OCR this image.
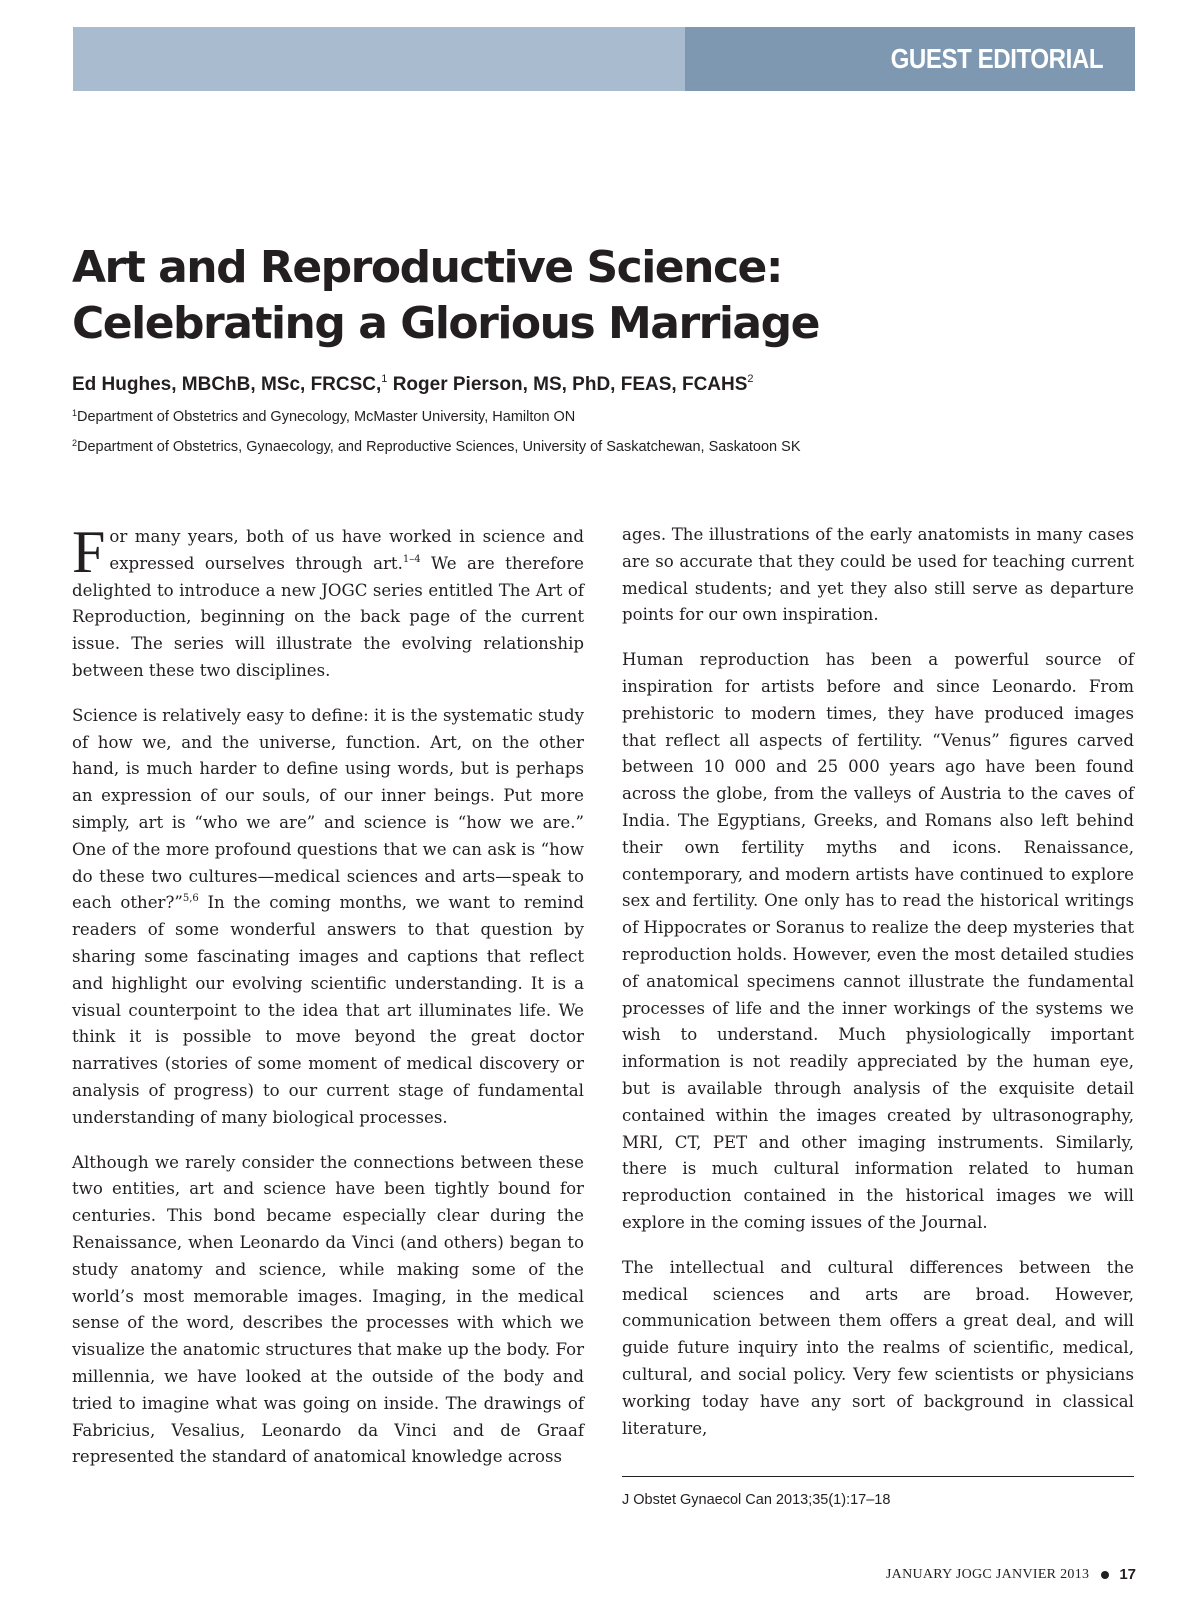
GUEST EDITORIAL
Art and Reproductive Science:
Celebrating a Glorious Marriage
Ed Hughes, MBChB, MSc, FRCSC,$^1$ Roger Pierson, MS, PhD, FEAS, FCAHS$^2$
$^1$Department of Obstetrics and Gynecology, McMaster University, Hamilton ON
$^2$Department of Obstetrics, Gynaecology, and Reproductive Sciences, University of Saskatchewan, Saskatoon SK

For many years, both of us have worked in science and expressed ourselves through art.$^{1-4}$ We are therefore delighted to introduce a new JOGC series entitled The Art of Reproduction, beginning on the back page of the current issue. The series will illustrate the evolving relationship between these two disciplines.

Science is relatively easy to define: it is the systematic study of how we, and the universe, function. Art, on the other hand, is much harder to define using words, but is perhaps an expression of our souls, of our inner beings. Put more simply, art is “who we are” and science is “how we are.” One of the more profound questions that we can ask is “how do these two cultures—medical sciences and arts—speak to each other?”$^{5,6}$ In the coming months, we want to remind readers of some wonderful answers to that question by sharing some fascinating images and captions that reflect and highlight our evolving scientific understanding. It is a visual counterpoint to the idea that art illuminates life. We think it is possible to move beyond the great doctor narratives (stories of some moment of medical discovery or analysis of progress) to our current stage of fundamental understanding of many biological processes.

Although we rarely consider the connections between these two entities, art and science have been tightly bound for centuries. This bond became especially clear during the Renaissance, when Leonardo da Vinci (and others) began to study anatomy and science, while making some of the world’s most memorable images. Imaging, in the medical sense of the word, describes the processes with which we visualize the anatomic structures that make up the body. For millennia, we have looked at the outside of the body and tried to imagine what was going on inside. The drawings of Fabricius, Vesalius, Leonardo da Vinci and de Graaf represented the standard of anatomical knowledge across

ages. The illustrations of the early anatomists in many cases are so accurate that they could be used for teaching current medical students; and yet they also still serve as departure points for our own inspiration.

Human reproduction has been a powerful source of inspiration for artists before and since Leonardo. From prehistoric to modern times, they have produced images that reflect all aspects of fertility. “Venus” figures carved between 10 000 and 25 000 years ago have been found across the globe, from the valleys of Austria to the caves of India. The Egyptians, Greeks, and Romans also left behind their own fertility myths and icons. Renaissance, contemporary, and modern artists have continued to explore sex and fertility. One only has to read the historical writings of Hippocrates or Soranus to realize the deep mysteries that reproduction holds. However, even the most detailed studies of anatomical specimens cannot illustrate the fundamental processes of life and the inner workings of the systems we wish to understand. Much physiologically important information is not readily appreciated by the human eye, but is available through analysis of the exquisite detail contained within the images created by ultrasonography, MRI, CT, PET and other imaging instruments. Similarly, there is much cultural information related to human reproduction contained in the historical images we will explore in the coming issues of the Journal.

The intellectual and cultural differences between the medical sciences and arts are broad. However, communication between them offers a great deal, and will guide future inquiry into the realms of scientific, medical, cultural, and social policy. Very few scientists or physicians working today have any sort of background in classical literature,

J Obstet Gynaecol Can 2013;35(1):17–18
JANUARY JOGC JANVIER 2013 17
